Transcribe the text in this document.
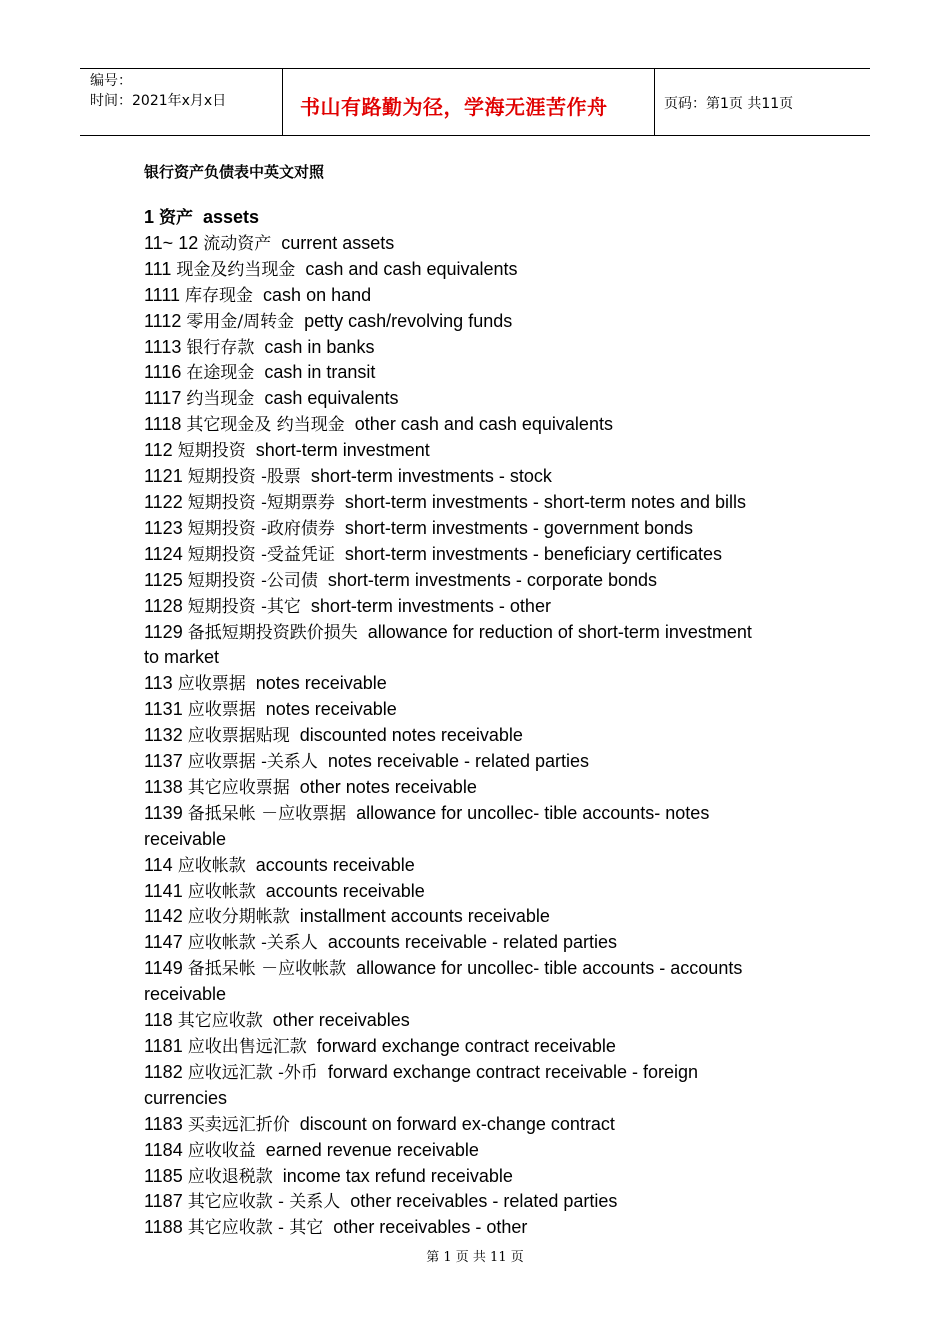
编号：
时间：2021年x月x日	书山有路勤为径，学海无涯苦作舟	页码：第1页 共11页
银行资产负债表中英文对照
1 资产  assets
11~ 12 流动资产  current assets
111 现金及约当现金  cash and cash equivalents
1111 库存现金  cash on hand
1112 零用金/周转金  petty cash/revolving funds
1113 银行存款  cash in banks
1116 在途现金  cash in transit
1117 约当现金  cash equivalents
1118 其它现金及 约当现金  other cash and cash equivalents
112 短期投资  short-term investment
1121 短期投资 -股票  short-term investments - stock
1122 短期投资 -短期票券  short-term investments - short-term notes and bills
1123 短期投资 -政府债券  short-term investments - government bonds
1124 短期投资 -受益凭证  short-term investments - beneficiary certificates
1125 短期投资 -公司债  short-term investments - corporate bonds
1128 短期投资 -其它  short-term investments - other
1129 备抵短期投资跌价损失  allowance for reduction of short-term investment
to market
113 应收票据  notes receivable
1131 应收票据  notes receivable
1132 应收票据贴现  discounted notes receivable
1137 应收票据 -关系人  notes receivable - related parties
1138 其它应收票据  other notes receivable
1139 备抵呆帐 －应收票据  allowance for uncollec- tible accounts- notes
receivable
114 应收帐款  accounts receivable
1141 应收帐款  accounts receivable
1142 应收分期帐款  installment accounts receivable
1147 应收帐款 -关系人  accounts receivable - related parties
1149 备抵呆帐 －应收帐款  allowance for uncollec- tible accounts - accounts
receivable
118 其它应收款  other receivables
1181 应收出售远汇款  forward exchange contract receivable
1182 应收远汇款 -外币  forward exchange contract receivable - foreign
currencies
1183 买卖远汇折价  discount on forward ex-change contract
1184 应收收益  earned revenue receivable
1185 应收退税款  income tax refund receivable
1187 其它应收款 - 关系人  other receivables - related parties
1188 其它应收款 - 其它  other receivables - other
第 1 页 共 11 页
